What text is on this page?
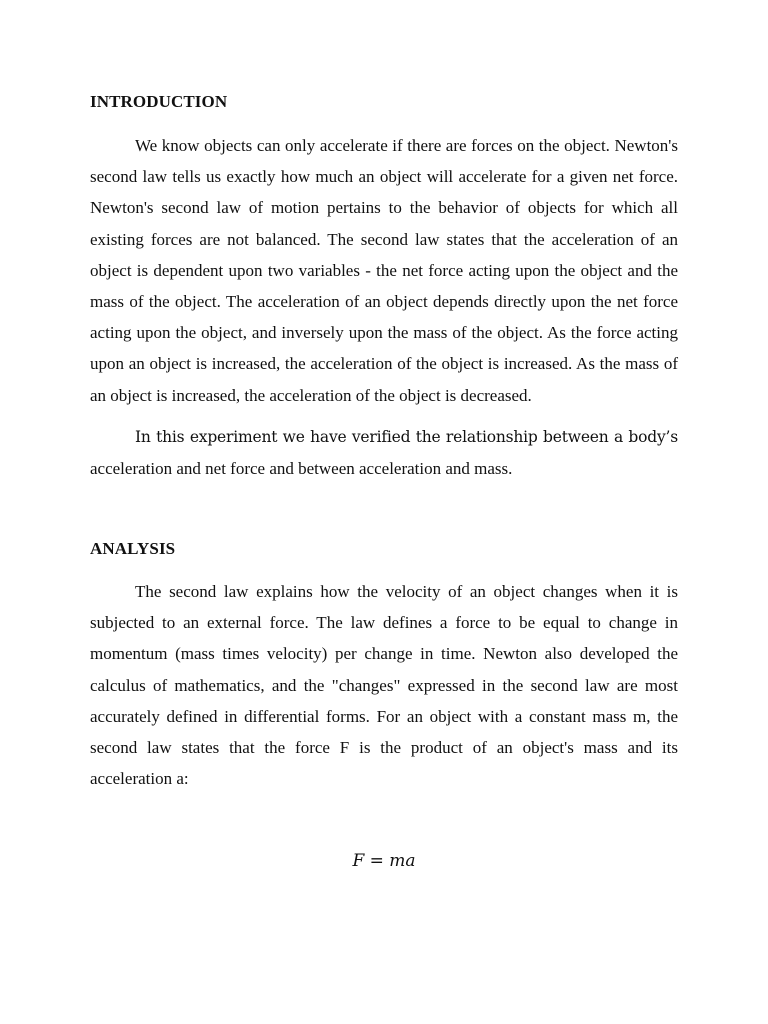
INTRODUCTION

We know objects can only accelerate if there are forces on the object. Newton's second law tells us exactly how much an object will accelerate for a given net force. Newton's second law of motion pertains to the behavior of objects for which all existing forces are not balanced. The second law states that the acceleration of an object is dependent upon two variables - the net force acting upon the object and the mass of the object. The acceleration of an object depends directly upon the net force acting upon the object, and inversely upon the mass of the object. As the force acting upon an object is increased, the acceleration of the object is increased. As the mass of an object is increased, the acceleration of the object is decreased.

In this experiment we have verified the relationship between a body’s acceleration and net force and between acceleration and mass.

ANALYSIS

The second law explains how the velocity of an object changes when it is subjected to an external force. The law defines a force to be equal to change in momentum (mass times velocity) per change in time. Newton also developed the calculus of mathematics, and the "changes" expressed in the second law are most accurately defined in differential forms. For an object with a constant mass m, the second law states that the force F is the product of an object's mass and its acceleration a:

F = ma
